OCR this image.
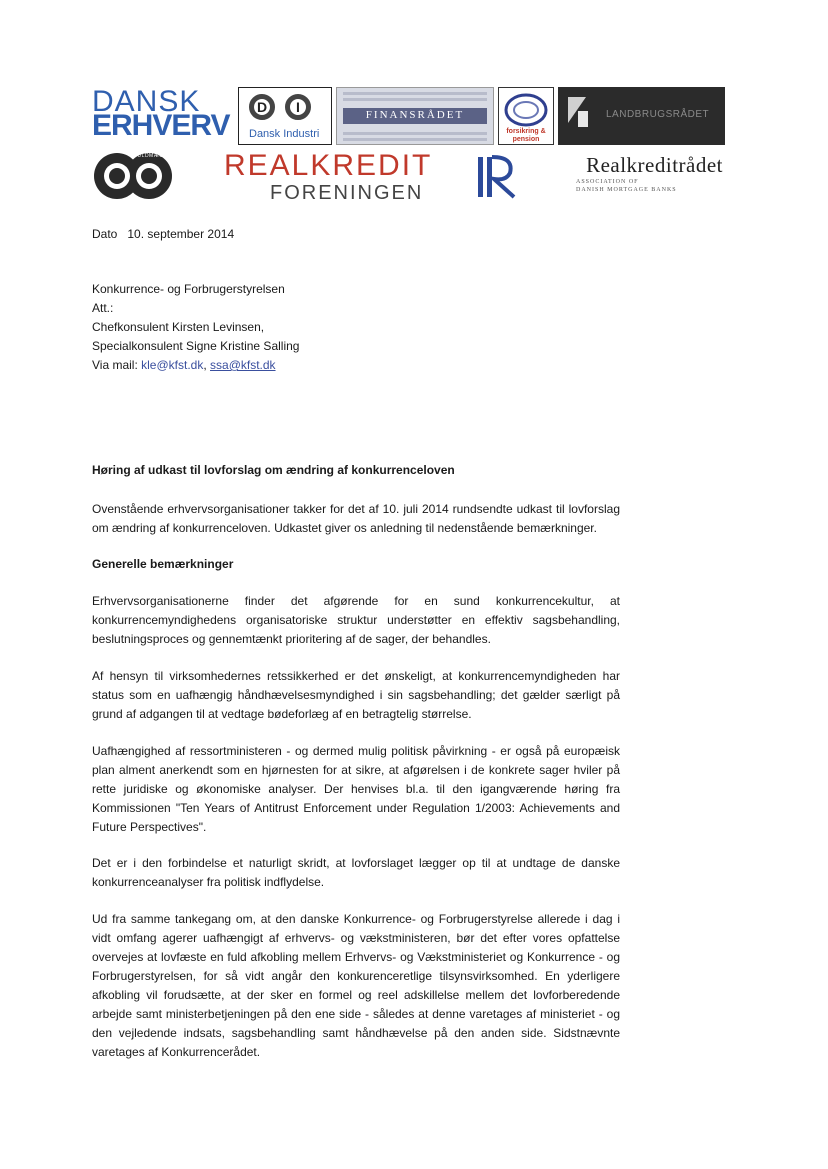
DANSK
ERHVERV
D	I
Dansk Industri
FINANSRÅDET
forsikring & pension
LANDBRUGSRÅDET
FULDMÆGTIG REALKREDIT
FORENINGEN
Realkreditrådet
ASSOCIATION OF
DANISH MORTGAGE BANKS
Dato 10. september 2014

Konkurrence- og Forbrugerstyrelsen

Att.:

Chefkonsulent Kirsten Levinsen,

Specialkonsulent Signe Kristine Salling

Via mail: kle@kfst.dk, ssa@kfst.dk

Høring af udkast til lovforslag om ændring af konkurrenceloven
Ovenstående erhvervsorganisationer takker for det af 10. juli 2014 rundsendte udkast til lovforslag om ændring af konkurrenceloven. Udkastet giver os anledning til nedenstående bemærkninger.
Generelle bemærkninger
Erhvervsorganisationerne finder det afgørende for en sund konkurrencekultur, at konkurrencemyndighedens organisatoriske struktur understøtter en effektiv sagsbehandling, beslutningsproces og gennemtænkt prioritering af de sager, der behandles.
Af hensyn til virksomhedernes retssikkerhed er det ønskeligt, at konkurrencemyndigheden har status som en uafhængig håndhævelsesmyndighed i sin sagsbehandling; det gælder særligt på grund af adgangen til at vedtage bødeforlæg af en betragtelig størrelse.
Uafhængighed af ressortministeren - og dermed mulig politisk påvirkning - er også på europæisk plan alment anerkendt som en hjørnesten for at sikre, at afgørelsen i de konkrete sager hviler på rette juridiske og økonomiske analyser. Der henvises bl.a. til den igangværende høring fra Kommissionen "Ten Years of Antitrust Enforcement under Regulation 1/2003: Achievements and Future Perspectives".
Det er i den forbindelse et naturligt skridt, at lovforslaget lægger op til at undtage de danske konkurrenceanalyser fra politisk indflydelse.
Ud fra samme tankegang om, at den danske Konkurrence- og Forbrugerstyrelse allerede i dag i vidt omfang agerer uafhængigt af erhvervs- og vækstministeren, bør det efter vores opfattelse overvejes at lovfæste en fuld afkobling mellem Erhvervs- og Vækstministeriet og Konkurrence - og Forbrugerstyrelsen, for så vidt angår den konkurenceretlige tilsynsvirksomhed. En yderligere afkobling vil forudsætte, at der sker en formel og reel adskillelse mellem det lovforberedende arbejde samt ministerbetjeningen på den ene side - således at denne varetages af ministeriet - og den vejledende indsats, sagsbehandling samt håndhævelse på den anden side. Sidstnævnte varetages af Konkurrencerådet.
